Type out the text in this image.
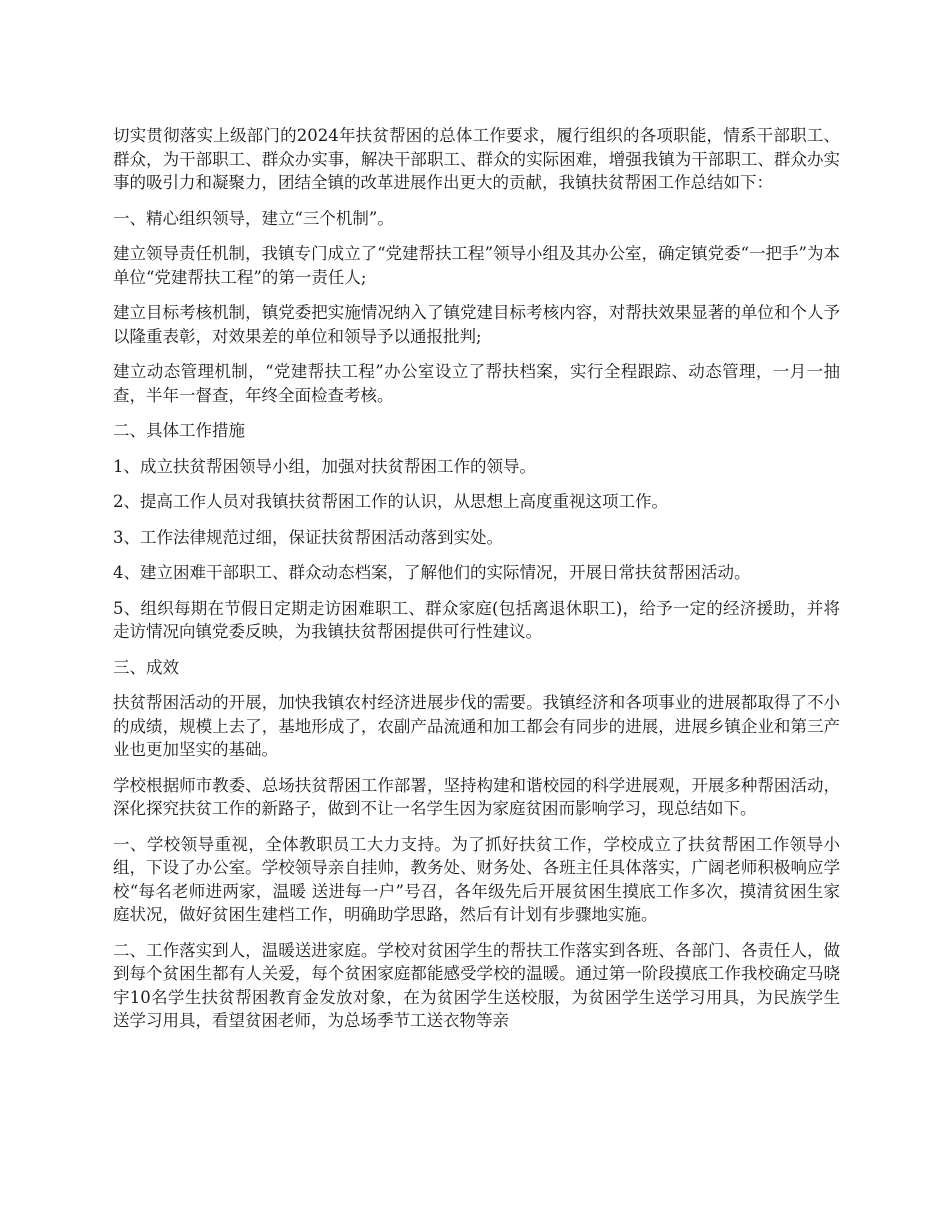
切实贯彻落实上级部门的2024年扶贫帮困的总体工作要求，履行组织的各项职能，情系干部职工、群众，为干部职工、群众办实事，解决干部职工、群众的实际困难，增强我镇为干部职工、群众办实事的吸引力和凝聚力，团结全镇的改革进展作出更大的贡献，我镇扶贫帮困工作总结如下：

一、精心组织领导，建立“三个机制”。

建立领导责任机制，我镇专门成立了“党建帮扶工程”领导小组及其办公室，确定镇党委“一把手”为本单位“党建帮扶工程”的第一责任人;

建立目标考核机制，镇党委把实施情况纳入了镇党建目标考核内容，对帮扶效果显著的单位和个人予以隆重表彰，对效果差的单位和领导予以通报批判;

建立动态管理机制，“党建帮扶工程”办公室设立了帮扶档案，实行全程跟踪、动态管理，一月一抽查，半年一督查，年终全面检查考核。

二、具体工作措施

1、成立扶贫帮困领导小组，加强对扶贫帮困工作的领导。

2、提高工作人员对我镇扶贫帮困工作的认识，从思想上高度重视这项工作。

3、工作法律规范过细，保证扶贫帮困活动落到实处。

4、建立困难干部职工、群众动态档案，了解他们的实际情况，开展日常扶贫帮困活动。

5、组织每期在节假日定期走访困难职工、群众家庭(包括离退休职工)，给予一定的经济援助，并将走访情况向镇党委反映，为我镇扶贫帮困提供可行性建议。

三、成效

扶贫帮困活动的开展，加快我镇农村经济进展步伐的需要。我镇经济和各项事业的进展都取得了不小的成绩，规模上去了，基地形成了，农副产品流通和加工都会有同步的进展，进展乡镇企业和第三产业也更加坚实的基础。

学校根据师市教委、总场扶贫帮困工作部署，坚持构建和谐校园的科学进展观，开展多种帮困活动，深化探究扶贫工作的新路子，做到不让一名学生因为家庭贫困而影响学习，现总结如下。

一、学校领导重视，全体教职员工大力支持。为了抓好扶贫工作，学校成立了扶贫帮困工作领导小组，下设了办公室。学校领导亲自挂帅，教务处、财务处、各班主任具体落实，广阔老师积极响应学校“每名老师进两家，温暖 送进每一户”号召，各年级先后开展贫困生摸底工作多次，摸清贫困生家庭状况，做好贫困生建档工作，明确助学思路，然后有计划有步骤地实施。

二、工作落实到人，温暖送进家庭。学校对贫困学生的帮扶工作落实到各班、各部门、各责任人，做到每个贫困生都有人关爱，每个贫困家庭都能感受学校的温暖。通过第一阶段摸底工作我校确定马晓宇10名学生扶贫帮困教育金发放对象，在为贫困学生送校服，为贫困学生送学习用具，为民族学生送学习用具，看望贫困老师，为总场季节工送衣物等亲
